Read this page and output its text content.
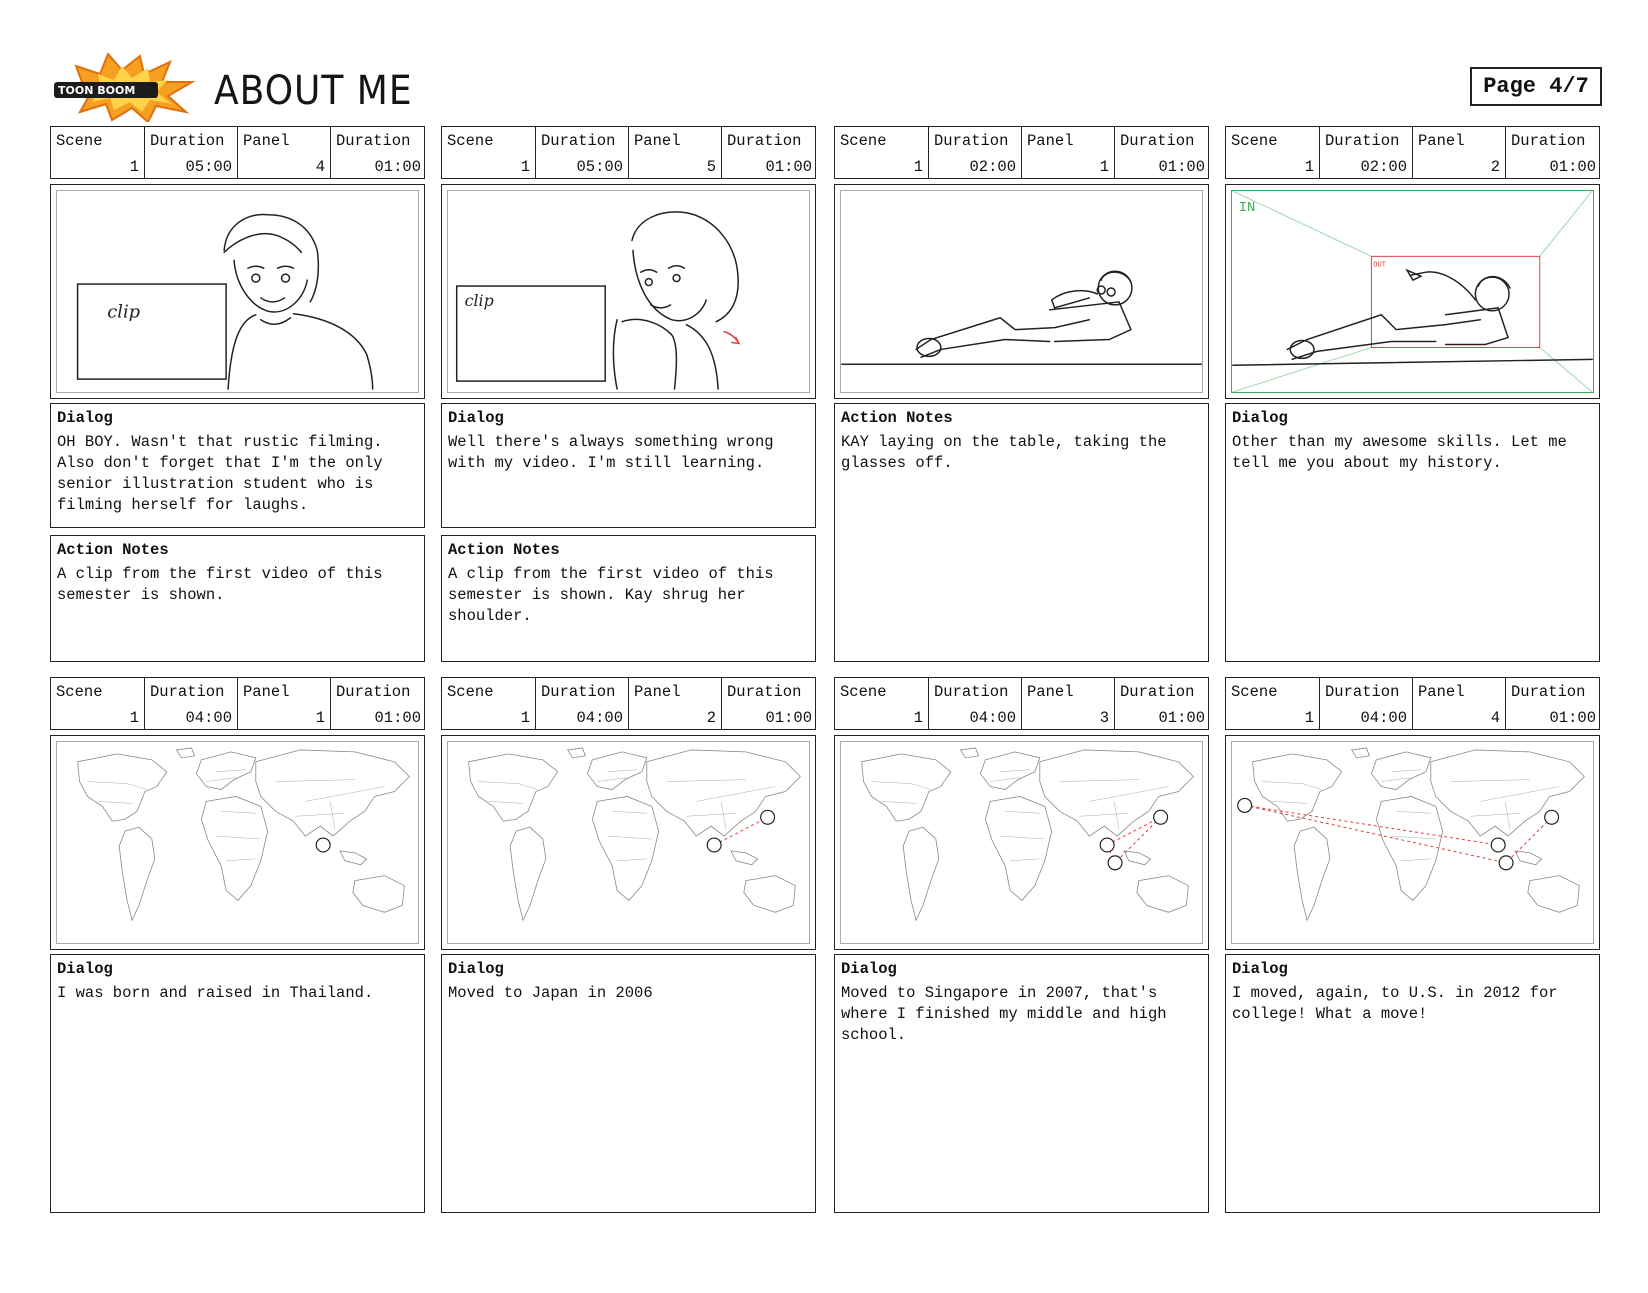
TOON BOOM ABOUT ME	Page 4/7
Scene
1
Duration
05:00
Panel
4
Duration
01:00
clip
Dialog
OH BOY. Wasn't that rustic filming. Also don't forget that I'm the only senior illustration student who is filming herself for laughs.
Action Notes
A clip from the first video of this semester is shown.
Scene
1
Duration
05:00
Panel
5
Duration
01:00
clip
Dialog
Well there's always something wrong with my video. I'm still learning.
Action Notes
A clip from the first video of this semester is shown. Kay shrug her shoulder.
Scene
1
Duration
02:00
Panel
1
Duration
01:00
Action Notes
KAY laying on the table, taking the glasses off.
Scene
1
Duration
02:00
Panel
2
Duration
01:00
IN
OUT
Dialog
Other than my awesome skills. Let me tell me you about my history.
Scene
1
Duration
04:00
Panel
1
Duration
01:00
Dialog
I was born and raised in Thailand.
Scene
1
Duration
04:00
Panel
2
Duration
01:00
Dialog
Moved to Japan in 2006
Scene
1
Duration
04:00
Panel
3
Duration
01:00
Dialog
Moved to Singapore in 2007, that's where I finished my middle and high school.
Scene
1
Duration
04:00
Panel
4
Duration
01:00
Dialog
I moved, again, to U.S. in 2012 for college! What a move!
